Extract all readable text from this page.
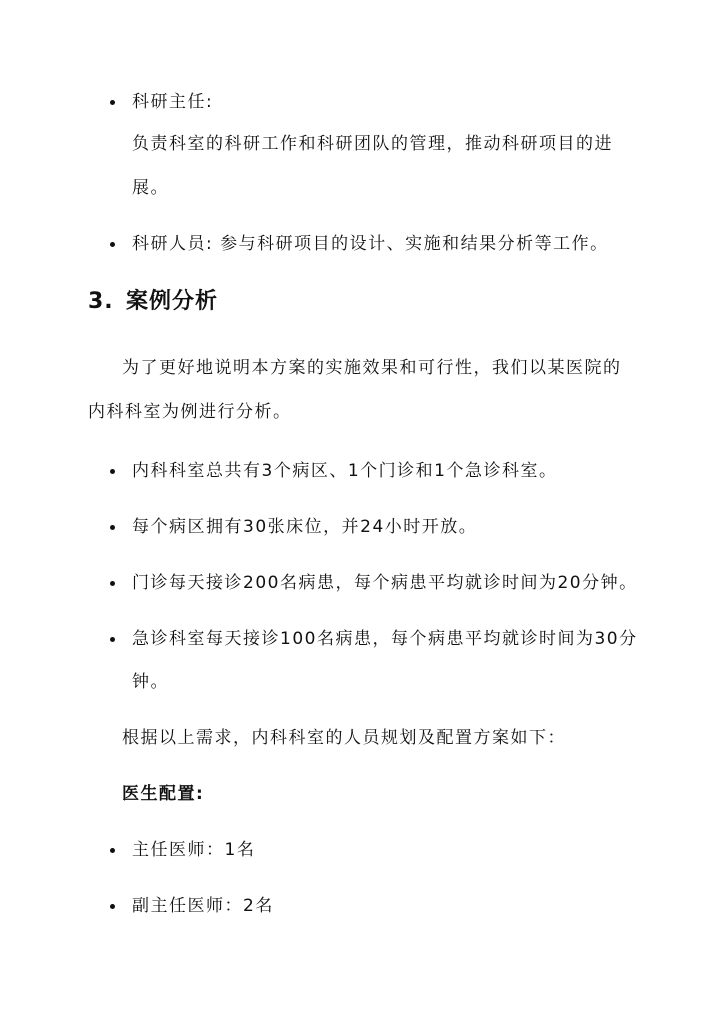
科研主任:
负责科室的科研工作和科研团队的管理，推动科研项目的进
展。
科研人员: 参与科研项目的设计、实施和结果分析等工作。
3. 案例分析
为了更好地说明本方案的实施效果和可行性，我们以某医院的
内科科室为例进行分析。
内科科室总共有3个病区、1个门诊和1个急诊科室。
每个病区拥有30张床位，并24小时开放。
门诊每天接诊200名病患，每个病患平均就诊时间为20分钟。
急诊科室每天接诊100名病患，每个病患平均就诊时间为30分
钟。
根据以上需求，内科科室的人员规划及配置方案如下：
医生配置:
主任医师：1名
副主任医师：2名
